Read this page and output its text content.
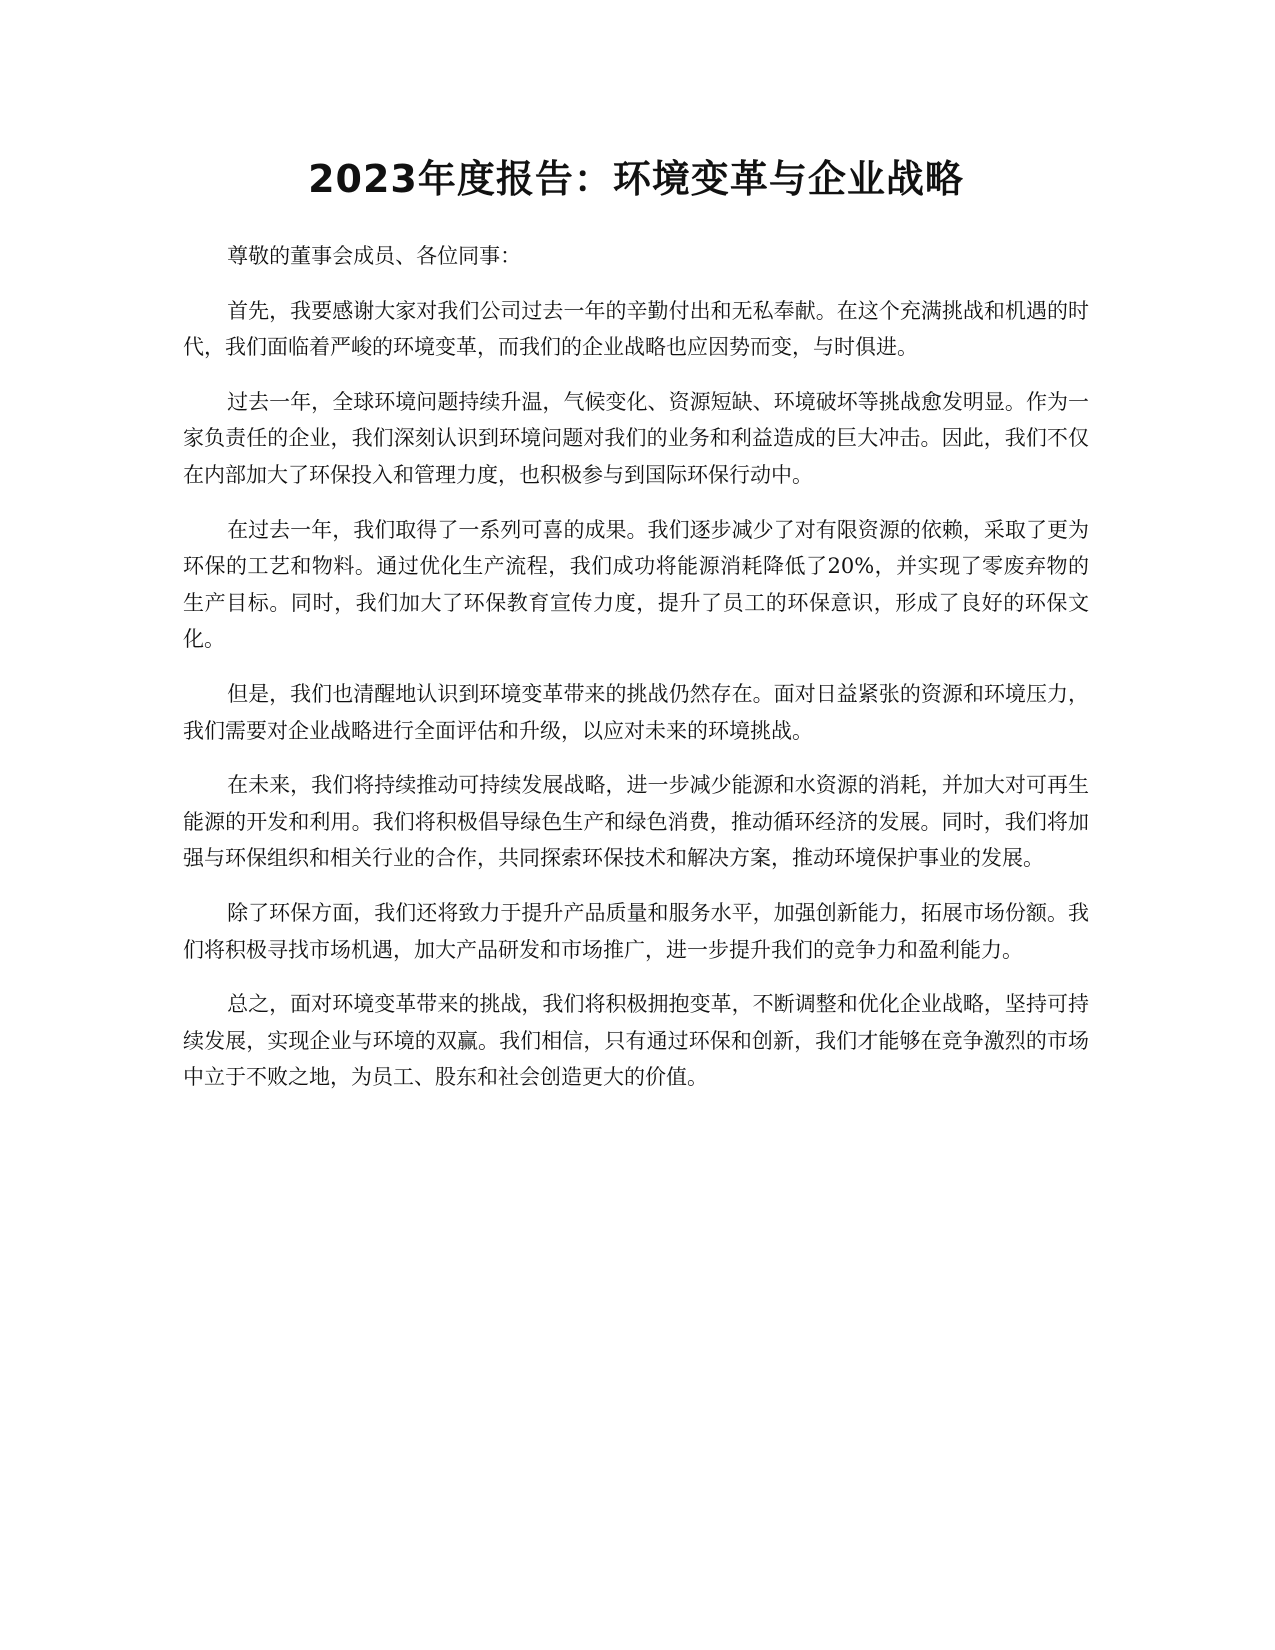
2023年度报告：环境变革与企业战略

尊敬的董事会成员、各位同事：

首先，我要感谢大家对我们公司过去一年的辛勤付出和无私奉献。在这个充满挑战和机遇的时代，我们面临着严峻的环境变革，而我们的企业战略也应因势而变，与时俱进。

过去一年，全球环境问题持续升温，气候变化、资源短缺、环境破坏等挑战愈发明显。作为一家负责任的企业，我们深刻认识到环境问题对我们的业务和利益造成的巨大冲击。因此，我们不仅在内部加大了环保投入和管理力度，也积极参与到国际环保行动中。

在过去一年，我们取得了一系列可喜的成果。我们逐步减少了对有限资源的依赖，采取了更为环保的工艺和物料。通过优化生产流程，我们成功将能源消耗降低了20%，并实现了零废弃物的生产目标。同时，我们加大了环保教育宣传力度，提升了员工的环保意识，形成了良好的环保文化。

但是，我们也清醒地认识到环境变革带来的挑战仍然存在。面对日益紧张的资源和环境压力，我们需要对企业战略进行全面评估和升级，以应对未来的环境挑战。

在未来，我们将持续推动可持续发展战略，进一步减少能源和水资源的消耗，并加大对可再生能源的开发和利用。我们将积极倡导绿色生产和绿色消费，推动循环经济的发展。同时，我们将加强与环保组织和相关行业的合作，共同探索环保技术和解决方案，推动环境保护事业的发展。

除了环保方面，我们还将致力于提升产品质量和服务水平，加强创新能力，拓展市场份额。我们将积极寻找市场机遇，加大产品研发和市场推广，进一步提升我们的竞争力和盈利能力。

总之，面对环境变革带来的挑战，我们将积极拥抱变革，不断调整和优化企业战略，坚持可持续发展，实现企业与环境的双赢。我们相信，只有通过环保和创新，我们才能够在竞争激烈的市场中立于不败之地，为员工、股东和社会创造更大的价值。
